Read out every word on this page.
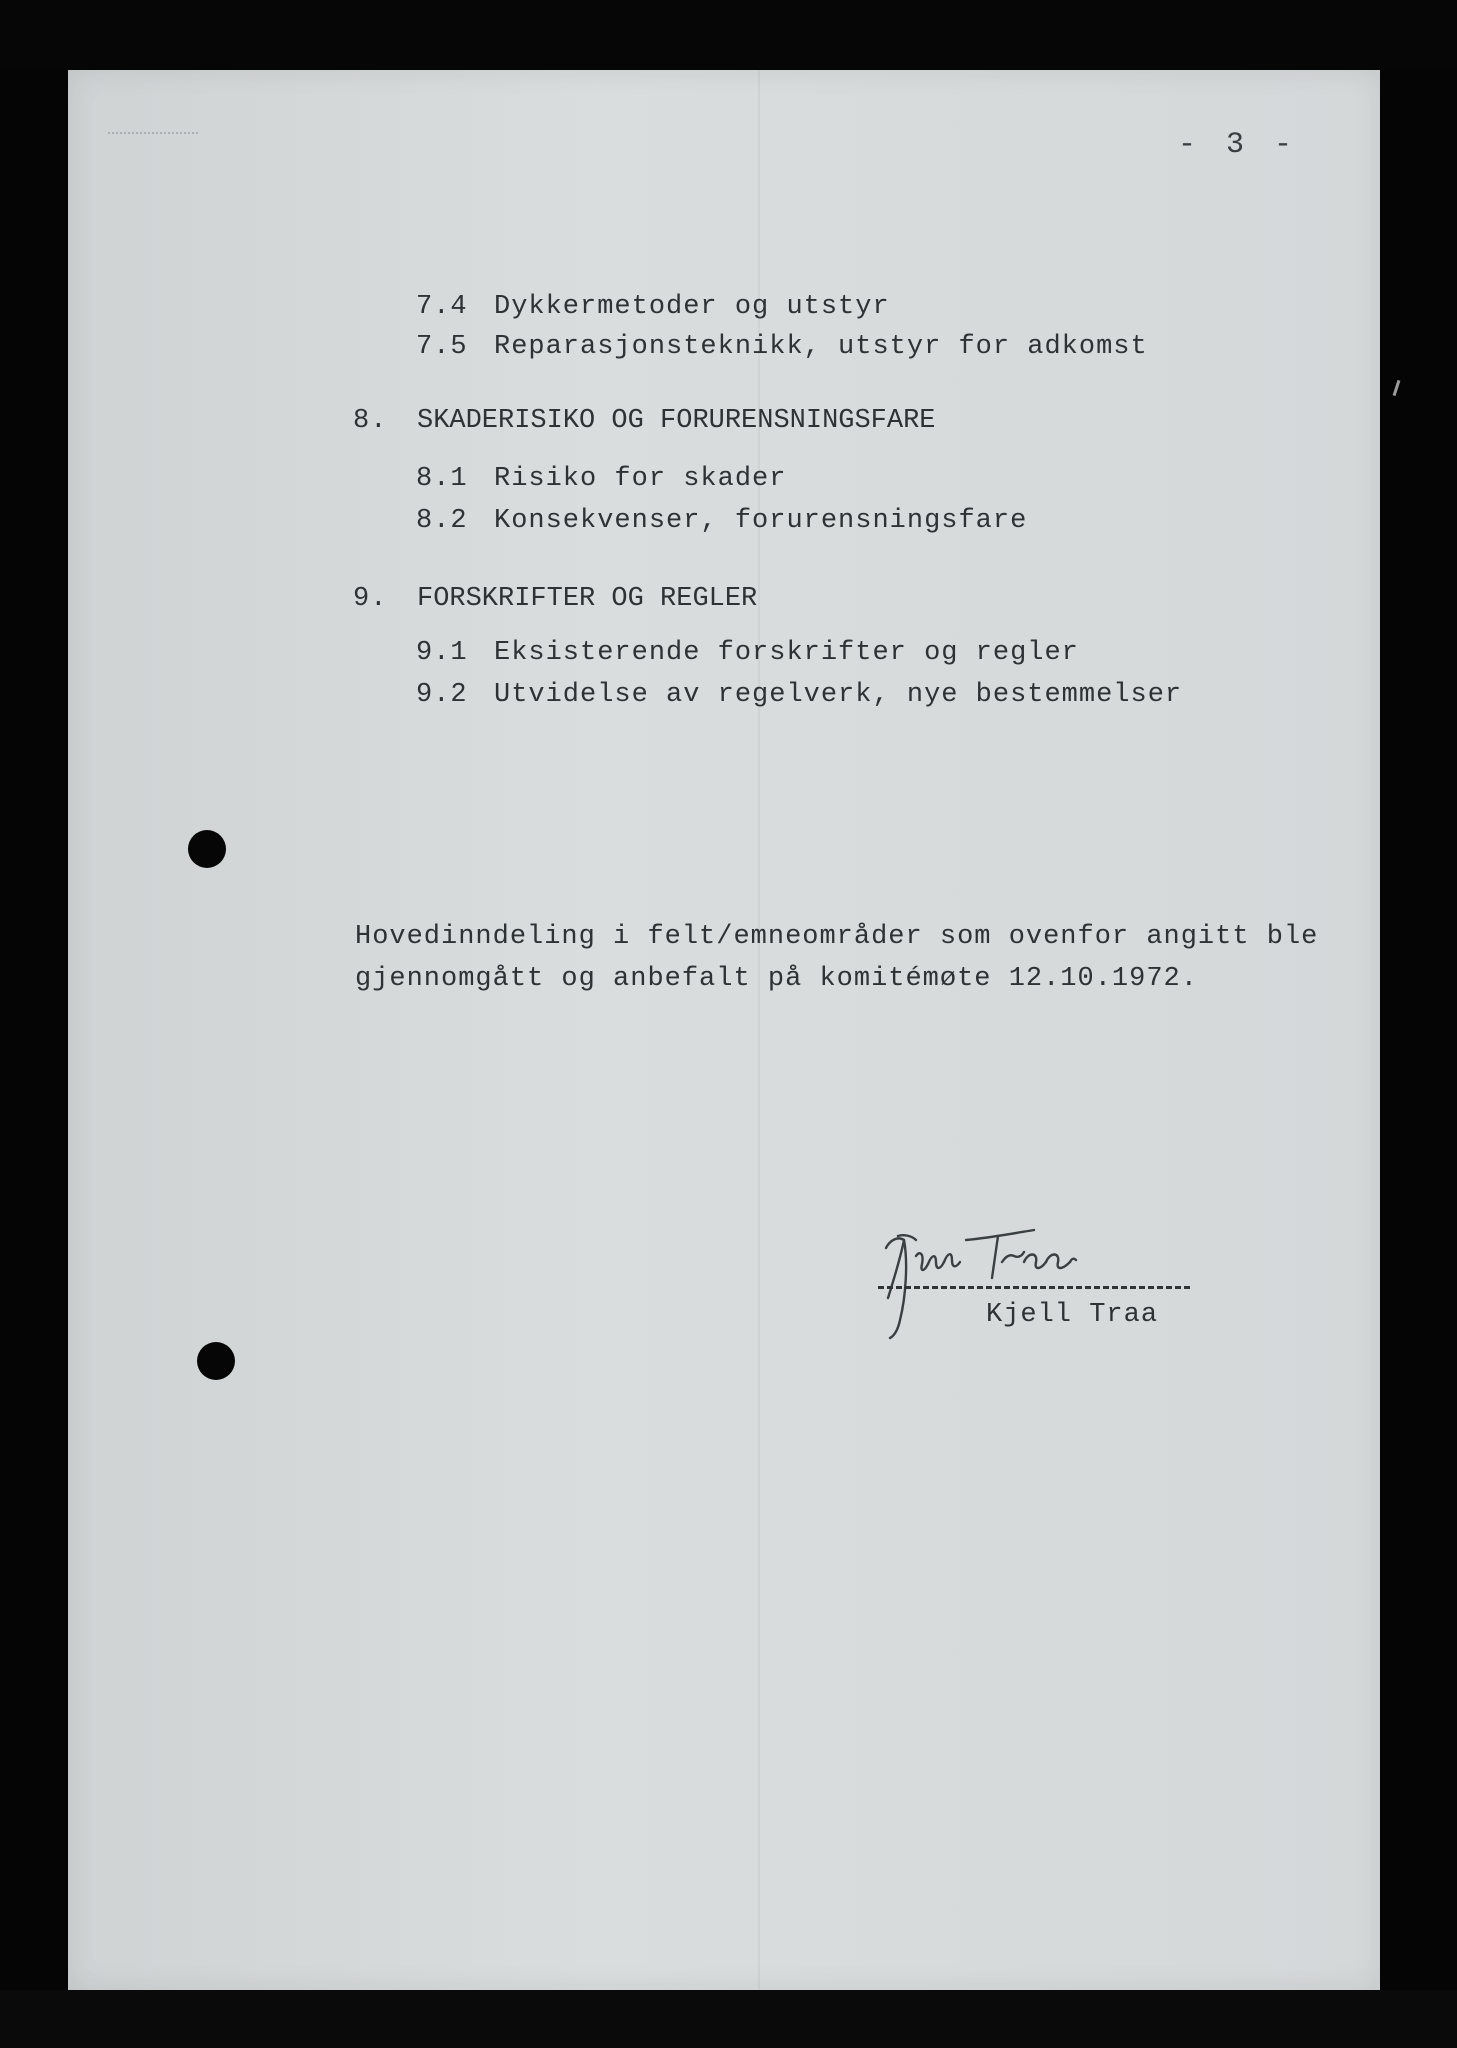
- 3 -
7.4 Dykkermetoder og utstyr
7.5 Reparasjonsteknikk, utstyr for adkomst
8. SKADERISIKO OG FORURENSNINGSFARE
8.1 Risiko for skader
8.2 Konsekvenser, forurensningsfare
9. FORSKRIFTER OG REGLER
9.1 Eksisterende forskrifter og regler
9.2 Utvidelse av regelverk, nye bestemmelser
Hovedinndeling i felt/emneområder som ovenfor angitt ble
gjennomgått og anbefalt på komitémøte 12.10.1972.
Kjell Traa
